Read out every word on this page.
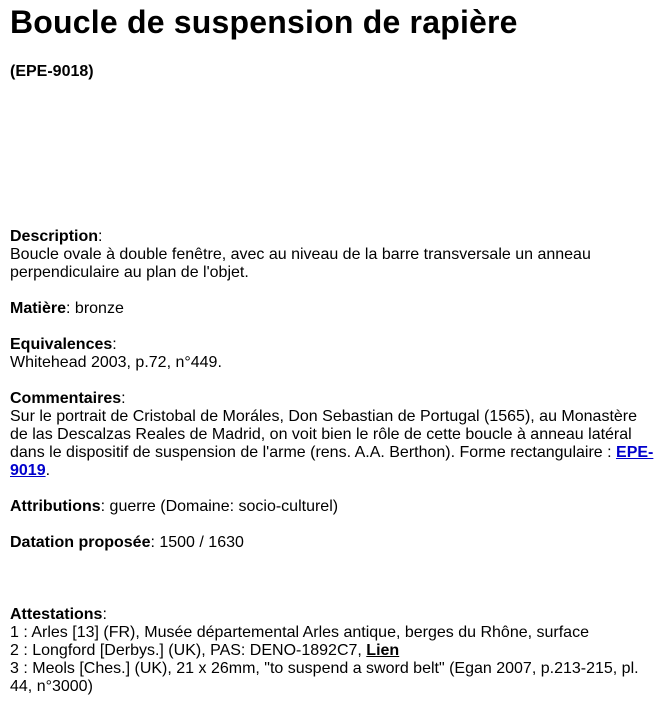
Boucle de suspension de rapière
(EPE-9018)
Description:
Boucle ovale à double fenêtre, avec au niveau de la barre transversale un anneau perpendiculaire au plan de l'objet.
Matière: bronze
Equivalences:
Whitehead 2003, p.72, n°449.
Commentaires:
Sur le portrait de Cristobal de Moráles, Don Sebastian de Portugal (1565), au Monastère de las Descalzas Reales de Madrid, on voit bien le rôle de cette boucle à anneau latéral dans le dispositif de suspension de l'arme (rens. A.A. Berthon). Forme rectangulaire : EPE-9019.
Attributions: guerre (Domaine: socio-culturel)
Datation proposée: 1500 / 1630
Attestations:
1 : Arles [13] (FR), Musée départemental Arles antique, berges du Rhône, surface
2 : Longford [Derbys.] (UK), PAS: DENO-1892C7, Lien
3 : Meols [Ches.] (UK), 21 x 26mm, "to suspend a sword belt" (Egan 2007, p.213-215, pl. 44, n°3000)
